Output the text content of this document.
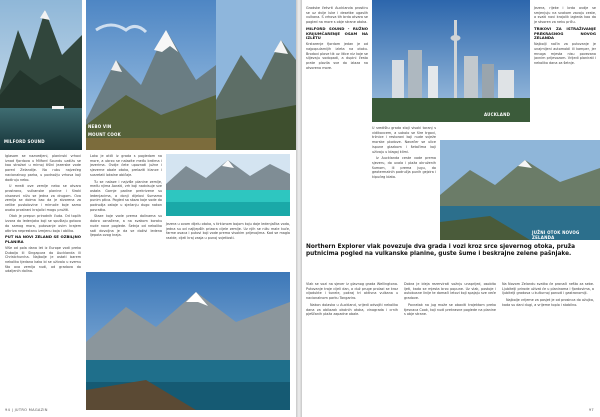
MILFORD SOUND

Iglasom se nazvedjeni, planinski vrhovi iznad fjordova u Milford Soundu uzdižu se kao stražari u mirnoj tišini jezerske vode pored Zelandije. Na rubu najvećeg nacionalnog parka, u podnožju vrhova koji dodiruju nebo.

U mreži ove zemlje nebo se otvara prostrano, vulkanske planine i široki visoravni nižu se jedna za drugom. Ova zemlja se doima kao da je stvorena za velike pustolovine i mirnoće koje samo ovako prostrani krajolici mogu pružiti.

Otok je prepun prirodnih čuda. Od toplih izvora do ledenjaka koji se spuštaju gotovo do samog mora, putovanje ovim krajem otkriva neprestanu izmjenu boja i oblika.

PUT NA NOVI ZELAND SE OZBILJNO PLANIRA

Više od pola dana let iz Europe vodi preko Dubaija ili Singapura do Aucklanda ili Christchurcha. Najbolje je ostati barem nekoliko tjedana kako bi se uživalo u svemu što ova zemlja nudi, od gradova do udaljenih dolina.

NEBO VIN
MOUNT COOK

Lako je otići iz grada s pogledom na more, a ubrzo se nalazite među brdima i jezerima. Ovdje ćete upoznati južne i sjeverne obale otoka, prelaziti klance i susretati lokalne običaje.

Tu se nalaze i najviše planine zemlje, među njima Aoraki, vrh koji nadvisuje sve ostale. Gornje padine prekrivene su ledenjacima, a donji dijelovi šumama punim ptica. Pogled sa staza koje vode do podnožja ostaje u sjećanju dugo nakon povratka.

Staze koje vode prema dolinama su dobro označene, a na svakom koraku nude nove poglede. Šetnja od nekoliko sati dovoljna je da se doživi ledena ljepota ovog kraja.

Jezera u ovom dijelu otoka, s tirkiznom bojom koju daje ledenjačka voda, jedna su od najljepših prizora cijele zemlje. Uz njih se nižu male kuće, farme ovaca i putovi koji vode prema visokim prijevojima. Kad se magla razide, cijeli kraj zasja u punoj svjetlosti.

AORAKI MOUNT COOK
94 | JUTRO MAGAZIN

Gradske četvrti Aucklanda prostiru se uz dvije luke i desetke ugaslih vulkana. S vrhova tih brda otvara se pogled na more s obje strane otoka.

MILFORD SOUND - RUŽNO KRIJUMČARENJE OSAM NA IZLETU

Krstarenje fjordom jedan je od najpopularnijih izleta na otoku. Brodovi plove tik uz litice niz koje se slijevaju vodopadi, a dupini često prate plovila sve do izlaza na otvoreno more.

U središtu grada stoji visoki toranj s vidikovcem, a uokolo se šire trgovi, tržnice i restorani koji nude svježe morske plodove. Navečer se ulice ispune glazbom i šetačima koji uživaju u blagoj klimi.

Iz Aucklanda ceste vode prema sjeveru, do uvala i plaža okruženih šumom, ili prema jugu, do geotermalnih područja punih gejzira i kipućeg blata.

AUCKLAND

Jezera, rijeke i brda ovdje se smjenjuju na svakom zavoju ceste, a svaki novi krajolik izgleda kao da je stvoren za neku priču.

TRIKOVI ZA ISTRAŽIVANJE PREKRASNOG NOVOG ZELANDA

Najbolji način za putovanje je unajmljeni automobil ili kamper, jer mnoga mjesta nisu povezana javnim prijevozom. Vrijedi planirati i nekoliko dana za šetnje.

JUŽNI OTOK NOVOG ZELANDA
Northern Explorer vlak povezuje dva grada i vozi kroz srce sjevernog otoka, pruža putnicima pogled na vulkanske planine, guste šume i beskrajne zelene pašnjake.

Vlak se vozi na sjever iz glavnog grada Wellingtona. Putovanje traje cijeli dan, a duž pruge prolazi se kroz vijadukte i tunele, pokraj tri aktivna vulkana u nacionalnom parku Tongariro.

Nakon dolaska u Auckland, vrijedi odvojiti nekoliko dana za obilazak okolnih otoka, vinograda i crnih pješčanih plaža zapadne obale.

Dobra je ideja rezervirati vožnju unaprijed, osobito ljeti, kada se mjesta brzo popune. Uz vlak, postoje i autobusne linije te domaći letovi koji spajaju sve veće gradove.

Povratak na jug može se obaviti trajektom preko tjesnaca Cook, koji nudi prekrasne poglede na planine s obje strane.

Na Novom Zelandu svatko će pronaći nešto za sebe. Ljubitelji prirode uživat će u planinama i fjordovima, a ljubitelji gradova u kulturnoj ponudi i gastronomiji.

Najbolje vrijeme za posjet je od prosinca do ožujka, kada su dani dugi, a vrijeme toplo i stabilno.

97
